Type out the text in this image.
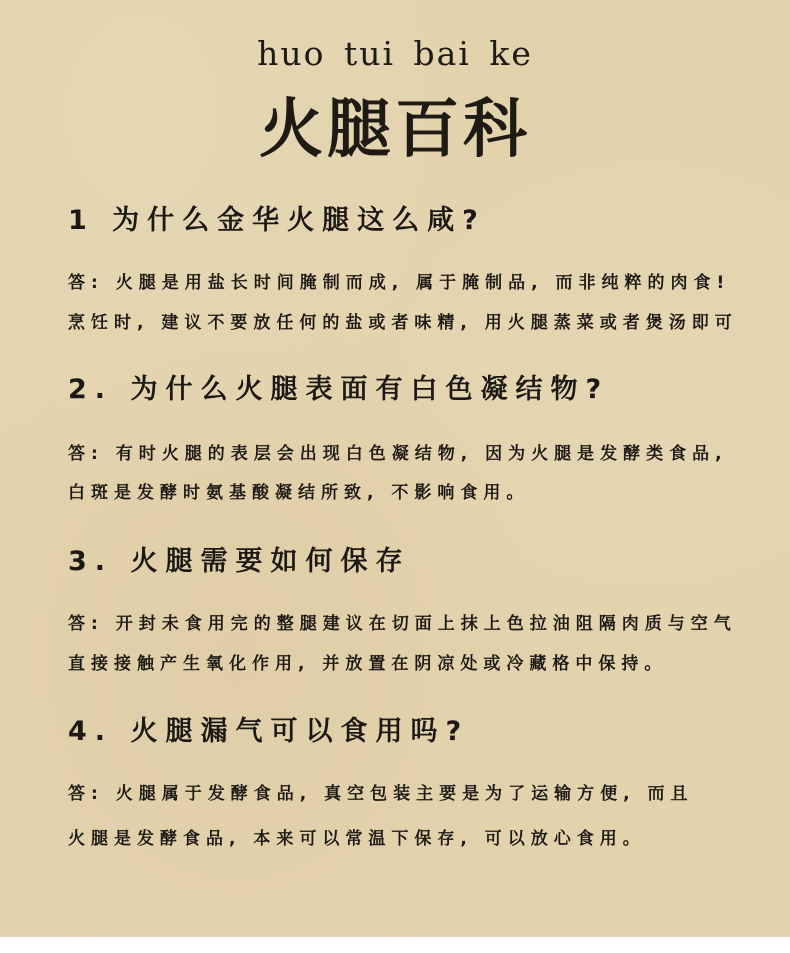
huo tui bai ke
火腿百科
1 为什么金华火腿这么咸?
答: 火腿是用盐长时间腌制而成, 属于腌制品, 而非纯粹的肉食!
烹饪时, 建议不要放任何的盐或者味精, 用火腿蒸菜或者煲汤即可
2. 为什么火腿表面有白色凝结物?
答: 有时火腿的表层会出现白色凝结物, 因为火腿是发酵类食品,
白斑是发酵时氨基酸凝结所致, 不影响食用。
3. 火腿需要如何保存
答: 开封未食用完的整腿建议在切面上抹上色拉油阻隔肉质与空气
直接接触产生氧化作用, 并放置在阴凉处或冷藏格中保持。
4. 火腿漏气可以食用吗?
答: 火腿属于发酵食品, 真空包装主要是为了运输方便, 而且
火腿是发酵食品, 本来可以常温下保存, 可以放心食用。
